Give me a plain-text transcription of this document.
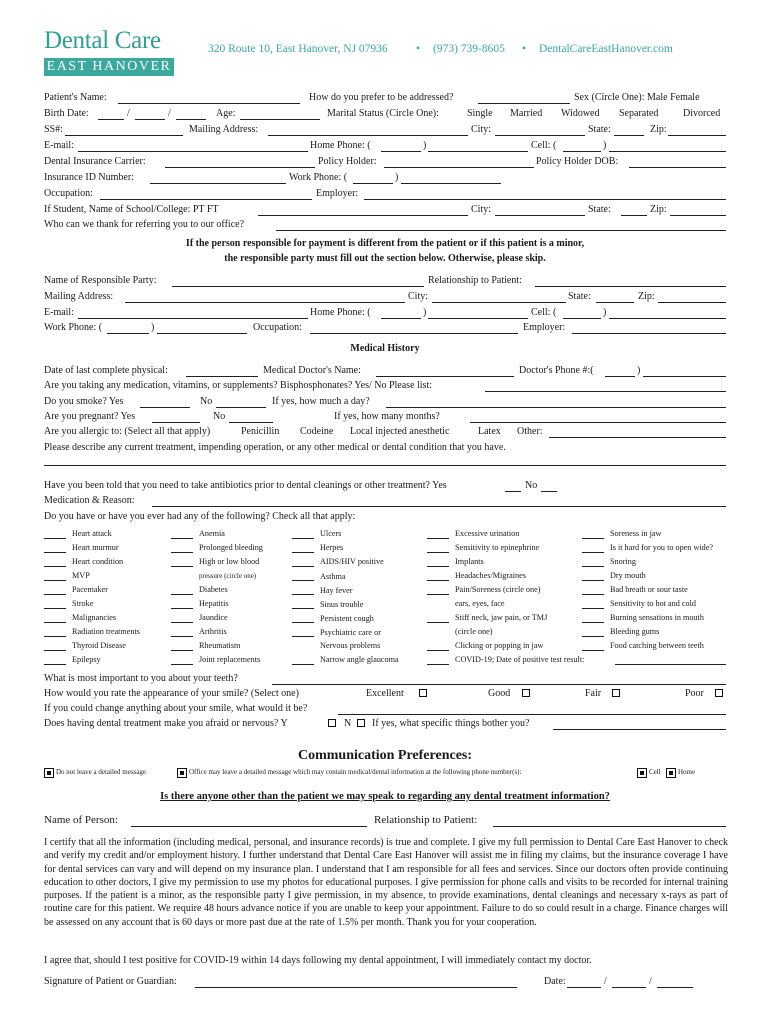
Dental Care
EAST HANOVER
320 Route 10, East Hanover, NJ 07936 • (973) 739-8605 • DentalCareEastHanover.com
Patient's Name:	How do you prefer to be addressed?	Sex (Circle One): Male Female
Birth Date:	/	/	Age:	Marital Status (Circle One):	Single Married Widowed Separated Divorced
SS#:	Mailing Address:	City:	State:	Zip:
E-mail:	Home Phone: (	)	Cell: (	)
Dental Insurance Carrier:	Policy Holder:	Policy Holder DOB:
Insurance ID Number:	Work Phone: (	)
Occupation:	Employer:
If Student, Name of School/College: PT FT	City:	State:	Zip:
Who can we thank for referring you to our office?
If the person responsible for payment is different from the patient or if this patient is a minor,
the responsible party must fill out the section below. Otherwise, please skip.
Name of Responsible Party:	Relationship to Patient:
Mailing Address:	City:	State:	Zip:
E-mail:	Home Phone: (	)	Cell: (	)
Work Phone: (	)	Occupation:	Employer:
Medical History
Date of last complete physical:	Medical Doctor's Name:	Doctor's Phone #:(	)
Are you taking any medication, vitamins, or supplements? Bisphosphonates? Yes/ No Please list:
Do you smoke? Yes	No	If yes, how much a day?
Are you pregnant? Yes	No	If yes, how many months?
Are you allergic to: (Select all that apply)	Penicillin Codeine Local injected anesthetic	Latex Other:
Please describe any current treatment, impending operation, or any other medical or dental condition that you have.
Have you been told that you need to take antibiotics prior to dental cleanings or other treatment? Yes	No
Medication & Reason:
Do you have or have you ever had any of the following? Check all that apply:
Heart attack
Heart murmur
Heart condition
MVP
Pacemaker
Stroke
Malignancies
Radiation treatments
Thyroid Disease
Epilepsy
Anemia
Prolonged bleeding
High or low blood
pressure (circle one)
Diabetes
Hepatitis
Jaundice
Arthritis
Rheumatism
Joint replacements
Ulcers
Herpes
AIDS/HIV positive
Asthma
Hay fever
Sinus trouble
Persistent cough
Psychiatric care or
Nervous problems
Narrow angle glaucoma
Excessive urination
Sensitivity to epinephrine
Implants
Headaches/Migraines
Pain/Soreness (circle one)
ears, eyes, face
Stiff neck, jaw pain, or TMJ
(circle one)
Clicking or popping in jaw
COVID-19; Date of positive test result:
Soreness in jaw
Is it hard for you to open wide?
Snoring
Dry mouth
Bad breath or sour taste
Sensitivity to hot and cold
Burning sensations in mouth
Bleeding gums
Food catching between teeth
What is most important to you about your teeth?
How would you rate the appearance of your smile? (Select one)	Excellent	Good	Fair	Poor
If you could change anything about your smile, what would it be?
Does having dental treatment make you afraid or nervous? Y	N If yes, what specific things bother you?
Communication Preferences:
Do not leave a detailed message	Office may leave a detailed message which may contain medical/dental information at the following phone number(s):	Cell Home
Is there anyone other than the patient we may speak to regarding any dental treatment information?
Name of Person:	Relationship to Patient:
I certify that all the information (including medical, personal, and insurance records) is true and complete. I give my full permission to Dental Care East Hanover to check and verify my credit and/or employment history. I further understand that Dental Care East Hanover will assist me in filing my claims, but the insurance coverage I have for dental services can vary and will depend on my insurance plan. I understand that I am responsible for all fees and services. Since our doctors often provide continuing education to other doctors, I give my permission to use my photos for educational purposes. I give permission for phone calls and visits to be recorded for internal training purposes. If the patient is a minor, as the responsible party I give permission, in my absence, to provide examinations, dental cleanings and necessary x-rays as part of routine care for this patient. We require 48 hours advance notice if you are unable to keep your appointment. Failure to do so could result in a charge. Finance charges will be assessed on any account that is 60 days or more past due at the rate of 1.5% per month. Thank you for your cooperation.
I agree that, should I test positive for COVID-19 within 14 days following my dental appointment, I will immediately contact my doctor.
Signature of Patient or Guardian:	Date:	/	/
